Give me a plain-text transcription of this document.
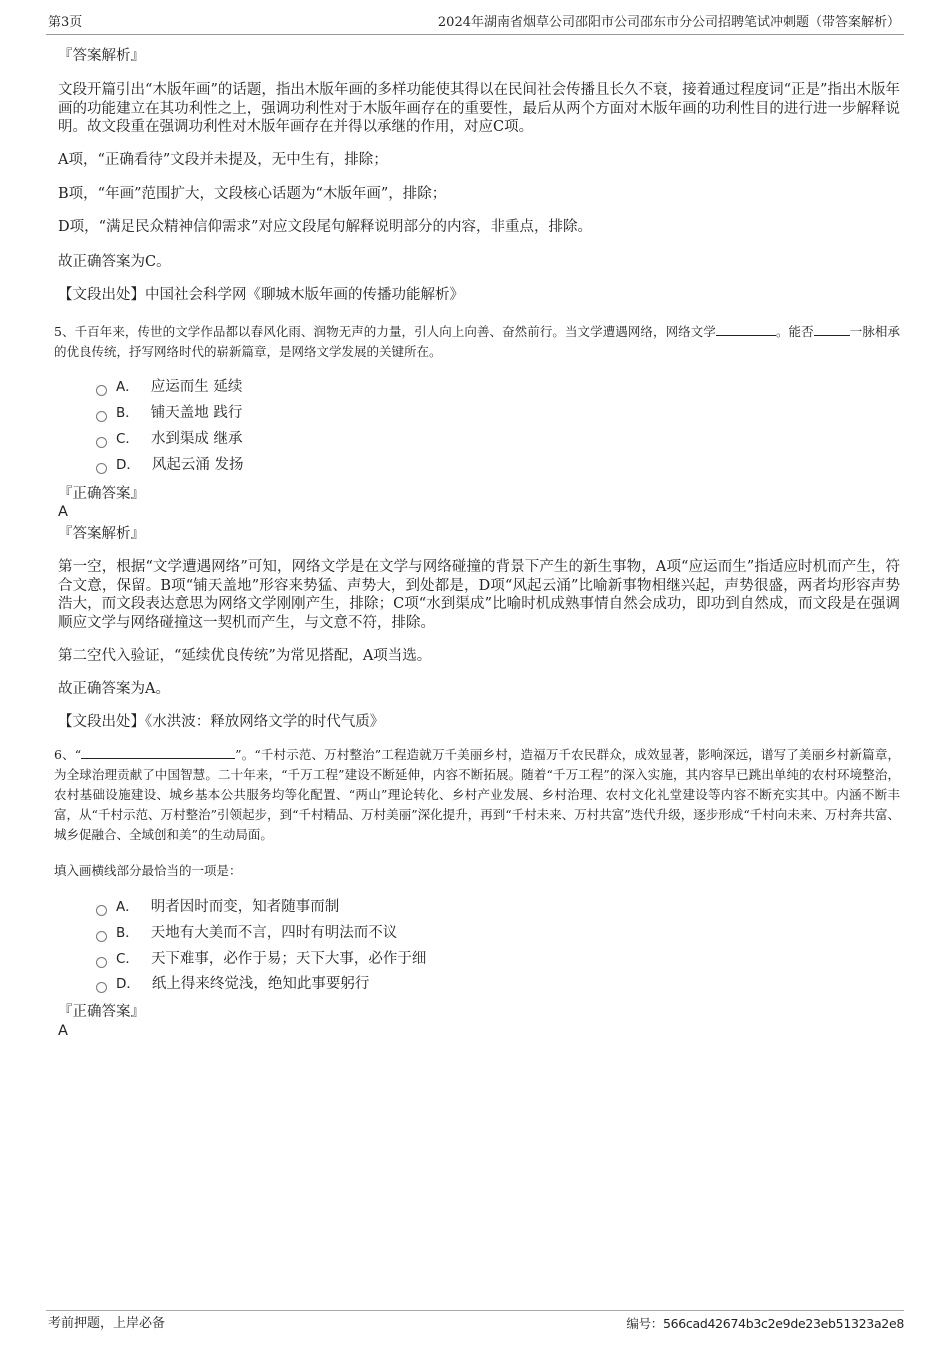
第3页	2024年湖南省烟草公司邵阳市公司邵东市分公司招聘笔试冲刺题（带答案解析）
『答案解析』
文段开篇引出“木版年画”的话题，指出木版年画的多样功能使其得以在民间社会传播且长久不衰，接着通过程度词“正是”指出木版年画的功能建立在其功利性之上，强调功利性对于木版年画存在的重要性，最后从两个方面对木版年画的功利性目的进行进一步解释说明。故文段重在强调功利性对木版年画存在并得以承继的作用，对应C项。
A项，“正确看待”文段并未提及，无中生有，排除；
B项，“年画”范围扩大，文段核心话题为“木版年画”，排除；
D项，“满足民众精神信仰需求”对应文段尾句解释说明部分的内容，非重点，排除。
故正确答案为C。
【文段出处】中国社会科学网《聊城木版年画的传播功能解析》
5、千百年来，传世的文学作品都以春风化雨、润物无声的力量，引人向上向善、奋然前行。当文学遭遇网络，网络文学	。能否	一脉相承的优良传统，抒写网络时代的崭新篇章，是网络文学发展的关键所在。
A． 应运而生 延续
B． 铺天盖地 践行
C． 水到渠成 继承
D． 风起云涌 发扬
『正确答案』
A
『答案解析』
第一空，根据“文学遭遇网络”可知，网络文学是在文学与网络碰撞的背景下产生的新生事物，A项“应运而生”指适应时机而产生，符合文意，保留。B项“铺天盖地”形容来势猛、声势大，到处都是，D项“风起云涌”比喻新事物相继兴起，声势很盛，两者均形容声势浩大，而文段表达意思为网络文学刚刚产生，排除；C项“水到渠成”比喻时机成熟事情自然会成功，即功到自然成，而文段是在强调顺应文学与网络碰撞这一契机而产生，与文意不符，排除。
第二空代入验证，“延续优良传统”为常见搭配，A项当选。
故正确答案为A。
【文段出处】《水洪波：释放网络文学的时代气质》
6、“	”。“千村示范、万村整治”工程造就万千美丽乡村，造福万千农民群众，成效显著，影响深远，谱写了美丽乡村新篇章，为全球治理贡献了中国智慧。二十年来，“千万工程”建设不断延伸，内容不断拓展。随着“千万工程”的深入实施，其内容早已跳出单纯的农村环境整治，农村基础设施建设、城乡基本公共服务均等化配置、“两山”理论转化、乡村产业发展、乡村治理、农村文化礼堂建设等内容不断充实其中。内涵不断丰富，从“千村示范、万村整治”引领起步，到“千村精品、万村美丽”深化提升，再到“千村未来、万村共富”迭代升级，逐步形成“千村向未来、万村奔共富、城乡促融合、全域创和美”的生动局面。
填入画横线部分最恰当的一项是：
A． 明者因时而变，知者随事而制
B． 天地有大美而不言，四时有明法而不议
C． 天下难事，必作于易；天下大事，必作于细
D． 纸上得来终觉浅，绝知此事要躬行
『正确答案』
A
考前押题，上岸必备	编号：566cad42674b3c2e9de23eb51323a2e8
